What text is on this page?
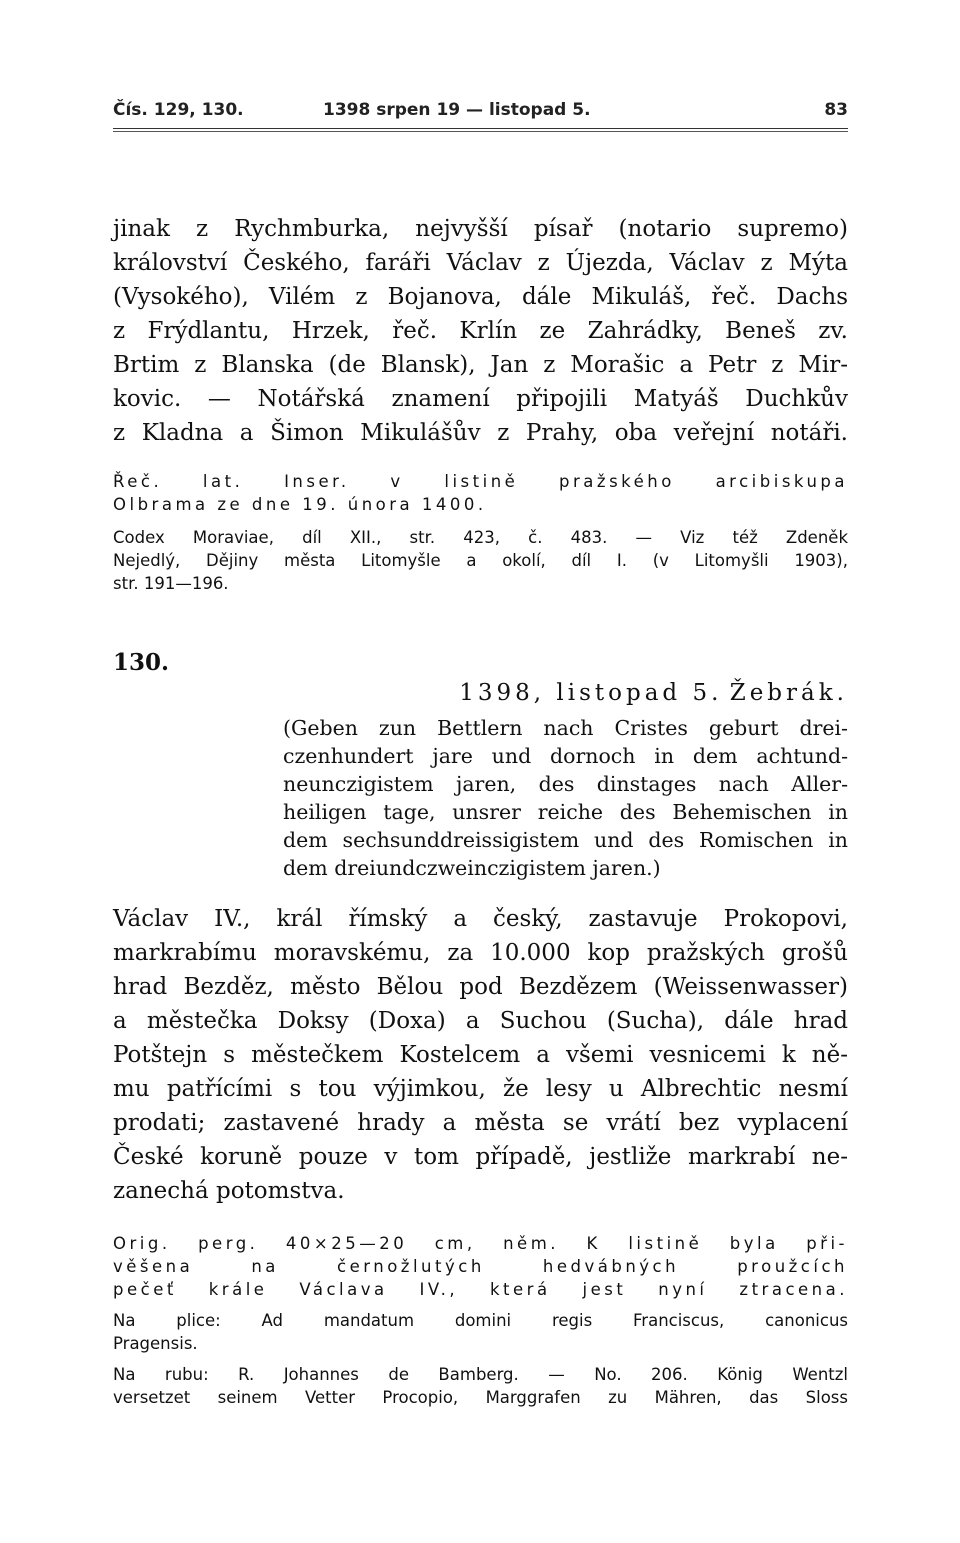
Čís. 129, 130.	1398 srpen 19 — listopad 5.	83
jinak z Rychmburka, nejvyšší písař (notario supremo)
království Českého, faráři Václav z Újezda, Václav z Mýta
(Vysokého), Vilém z Bojanova, dále Mikuláš, řeč. Dachs
z Frýdlantu, Hrzek, řeč. Krlín ze Zahrádky, Beneš zv.
Brtim z Blanska (de Blansk), Jan z Morašic a Petr z Mir-
kovic. — Notářská znamení připojili Matyáš Duchkův
z Kladna a Šimon Mikulášův z Prahy, oba veřejní notáři.
Řeč. lat. Inser. v listině pražského arcibiskupa
Olbrama ze dne 19. února 1400.
Codex Moraviae, díl XII., str. 423, č. 483. — Viz též Zdeněk
Nejedlý, Dějiny města Litomyšle a okolí, díl I. (v Litomyšli 1903),
str. 191—196.
130.
1398, listopad 5. Žebrák.
(Geben zun Bettlern nach Cristes geburt drei-
czenhundert jare und dornoch in dem achtund-
neunczigistem jaren, des dinstages nach Aller-
heiligen tage, unsrer reiche des Behemischen in
dem sechsunddreissigistem und des Romischen in
dem dreiundczweinczigistem jaren.)
Václav IV., král římský a český, zastavuje Prokopovi,
markrabímu moravskému, za 10.000 kop pražských grošů
hrad Bezděz, město Bělou pod Bezdězem (Weissenwasser)
a městečka Doksy (Doxa) a Suchou (Sucha), dále hrad
Potštejn s městečkem Kostelcem a všemi vesnicemi k ně-
mu patřícími s tou výjimkou, že lesy u Albrechtic nesmí
prodati; zastavené hrady a města se vrátí bez vyplacení
České koruně pouze v tom případě, jestliže markrabí ne-
zanechá potomstva.
Orig. perg. 40×25—20 cm, něm. K listině byla při-
věšena na černožlutých hedvábných proužcích
pečeť krále Václava IV., která jest nyní ztracena.
Na plice: Ad mandatum domini regis Franciscus, canonicus
Pragensis.
Na rubu: R. Johannes de Bamberg. — No. 206. König Wentzl
versetzet seinem Vetter Procopio, Marggrafen zu Mähren, das Sloss
